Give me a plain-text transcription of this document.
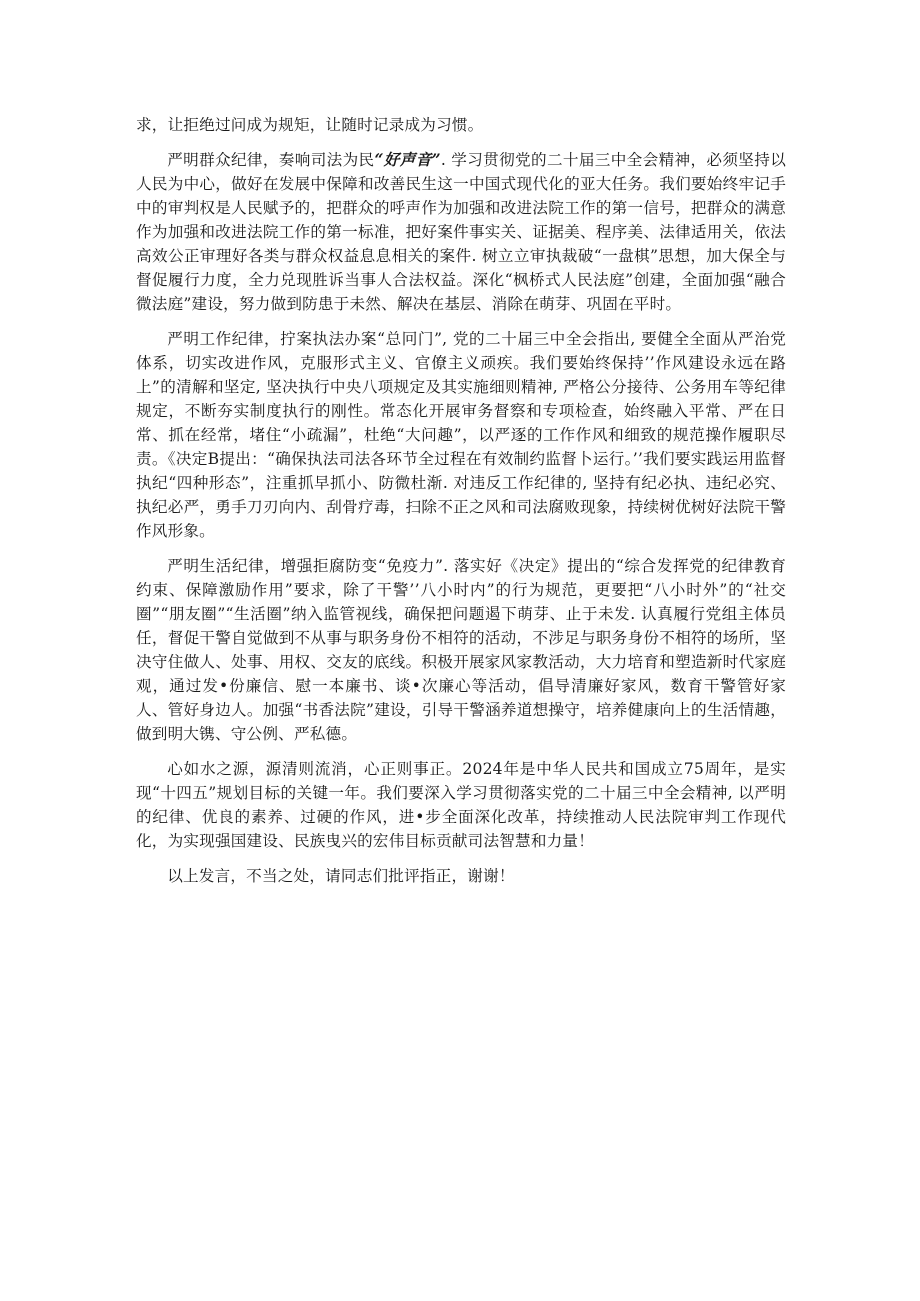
求，让拒绝过问成为规矩，让随时记录成为习惯。

严明群众纪律，奏响司法为民“好声音”. 学习贯彻党的二十届三中全会精神，必须坚持以人民为中心，做好在发展中保障和改善民生这一中国式现代化的亚大任务。我们要始终牢记手中的审判权是人民赋予的，把群众的呼声作为加强和改进法院工作的第一信号，把群众的满意作为加强和改进法院工作的第一标准，把好案件事实关、证据美、程序美、法律适用关，依法高效公正审理好各类与群众权益息息相关的案件. 树立立审执裁破“一盘棋”思想，加大保全与督促履行力度，全力兑现胜诉当事人合法权益。深化“枫桥式人民法庭”创建，全面加强“融合微法庭”建设，努力做到防患于未然、解决在基层、消除在萌芽、巩固在平时。

严明工作纪律，拧案执法办案“总冋门”, 党的二十届三中全会指出, 要健全全面从严治党体系，切实改进作风，克服形式主义、官僚主义顽疾。我们要始终保持’’作风建设永远在路上”的清解和坚定, 坚决执行中央八项规定及其实施细则精神, 严格公分接待、公务用车等纪律规定，不断夯实制度执行的刚性。常态化开展审务督察和专项检查，始终融入平常、严在日常、抓在经常，堵住“小疏漏”，杜绝“大问趣”，以严逐的工作作风和细致的规范操作履职尽责。《决定B提出：“确保执法司法各环节全过程在有效制约监督卜运行。’’我们要实践运用监督执纪“四种形态”，注重抓早抓小、防微杜渐. 对违反工作纪律的, 坚持有纪必执、违纪必究、执纪必严，勇手刀刃向内、刮骨疗毒，扫除不正之风和司法腐败现象，持续树优树好法院干警作风形象。

严明生活纪律，增强拒腐防变“免疫力”. 落实好《决定》提出的“综合发挥党的纪律教育约束、保障激励作用”要求，除了干警’’八小时内”的行为规范，更要把“八小时外”的“社交圈”“朋友圈”“生活圈”纳入监管视线，确保把问题遏下萌芽、止于未发. 认真履行党组主体员任，督促干警自觉做到不从事与职务身份不相符的活动，不涉足与职务身份不相符的场所，坚决守住做人、处事、用权、交友的底线。积极开展家风家教活动，大力培育和塑造新时代家庭观，通过发•份廉信、慰一本廉书、谈•次廉心等活动，倡导清廉好家风，数育干警管好家人、管好身边人。加强“书香法院”建设，引导干警涵养道想操守，培养健康向上的生活情趣，做到明大镌、守公例、严私德。

心如水之源，源清则流消，心正则事正。2024年是中华人民共和国成立75周年，是实现“十四五”规划目标的关键一年。我们要深入学习贯彻落实党的二十届三中全会精神, 以严明的纪律、优良的素养、过硬的作风，进•步全面深化改革，持续推动人民法院审判工作现代化，为实现强国建设、民族曳兴的宏伟目标贡献司法智慧和力量！

以上发言，不当之处，请同志们批评指正，谢谢！
